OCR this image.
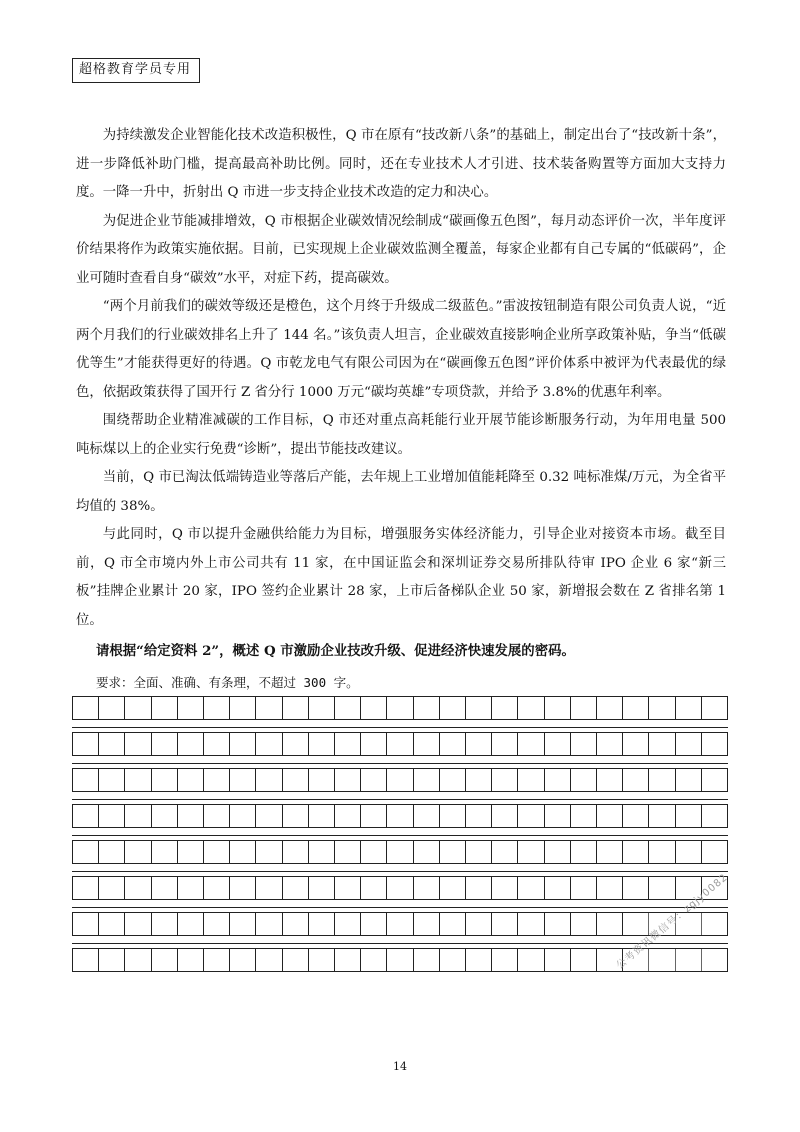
超格教育学员专用

为持续激发企业智能化技术改造积极性，Q 市在原有“技改新八条”的基础上，制定出台了“技改新十条”，进一步降低补助门槛，提高最高补助比例。同时，还在专业技术人才引进、技术装备购置等方面加大支持力度。一降一升中，折射出 Q 市进一步支持企业技术改造的定力和决心。

为促进企业节能减排增效，Q 市根据企业碳效情况绘制成“碳画像五色图”，每月动态评价一次，半年度评价结果将作为政策实施依据。目前，已实现规上企业碳效监测全覆盖，每家企业都有自己专属的“低碳码”，企业可随时查看自身“碳效”水平，对症下药，提高碳效。

“两个月前我们的碳效等级还是橙色，这个月终于升级成二级蓝色。”雷波按钮制造有限公司负责人说，“近两个月我们的行业碳效排名上升了 144 名。”该负责人坦言，企业碳效直接影响企业所享政策补贴，争当“低碳优等生”才能获得更好的待遇。Q 市乾龙电气有限公司因为在“碳画像五色图”评价体系中被评为代表最优的绿色，依据政策获得了国开行 Z 省分行 1000 万元“碳均英雄”专项贷款，并给予 3.8%的优惠年利率。

围绕帮助企业精准减碳的工作目标，Q 市还对重点高耗能行业开展节能诊断服务行动，为年用电量 500 吨标煤以上的企业实行免费“诊断”，提出节能技改建议。

当前，Q 市已淘汰低端铸造业等落后产能，去年规上工业增加值能耗降至 0.32 吨标准煤/万元，为全省平均值的 38%。

与此同时，Q 市以提升金融供给能力为目标，增强服务实体经济能力，引导企业对接资本市场。截至目前，Q 市全市境内外上市公司共有 11 家，在中国证监会和深圳证券交易所排队待审 IPO 企业 6 家“新三板”挂牌企业累计 20 家，IPO 签约企业累计 28 家，上市后备梯队企业 50 家，新增报会数在 Z 省排名第 1 位。

请根据“给定资料 2”，概述 Q 市激励企业技改升级、促进经济快速发展的密码。
要求：全面、准确、有条理，不超过 300 字。
公考资讯微信号：zgjy0082
14
